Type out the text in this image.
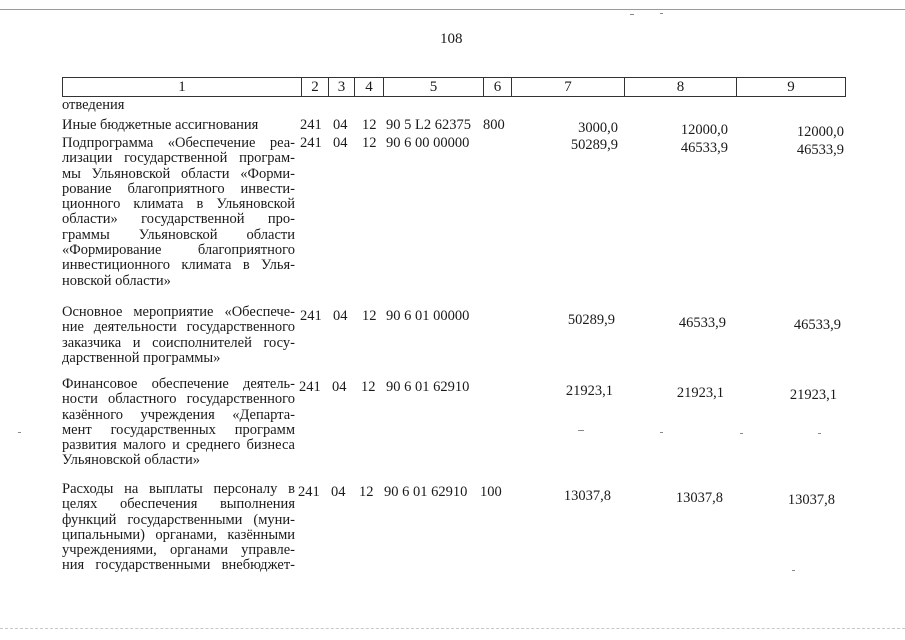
108
1	2	3	4	5	6	7	8	9
отведения
Иные бюджетные ассигнования	241 04 12 90 5 L2 62375 800	3000,0	12000,0	12000,0
Подпрограмма «Обеспечение реа-
лизации государственной програм-
мы Ульяновской области «Форми-
рование благоприятного инвести-
ционного климата в Ульяновской
области» государственной про-
граммы Ульяновской области
«Формирование благоприятного
инвестиционного климата в Улья-
новской области»
241 04 12 90 6 00 00000	50289,9	46533,9	46533,9
Основное мероприятие «Обеспече-
ние деятельности государственного
заказчика и соисполнителей госу-
дарственной программы»
241 04 12 90 6 01 00000	50289,9	46533,9	46533,9
Финансовое обеспечение деятель-
ности областного государственного
казённого учреждения «Департа-
мент государственных программ
развития малого и среднего бизнеса
Ульяновской области»
241 04 12 90 6 01 62910	21923,1	21923,1	21923,1
Расходы на выплаты персоналу в
целях обеспечения выполнения
функций государственными (муни-
ципальными) органами, казёнными
учреждениями, органами управле-
ния государственными внебюджет-
241 04 12 90 6 01 62910 100	13037,8	13037,8	13037,8
